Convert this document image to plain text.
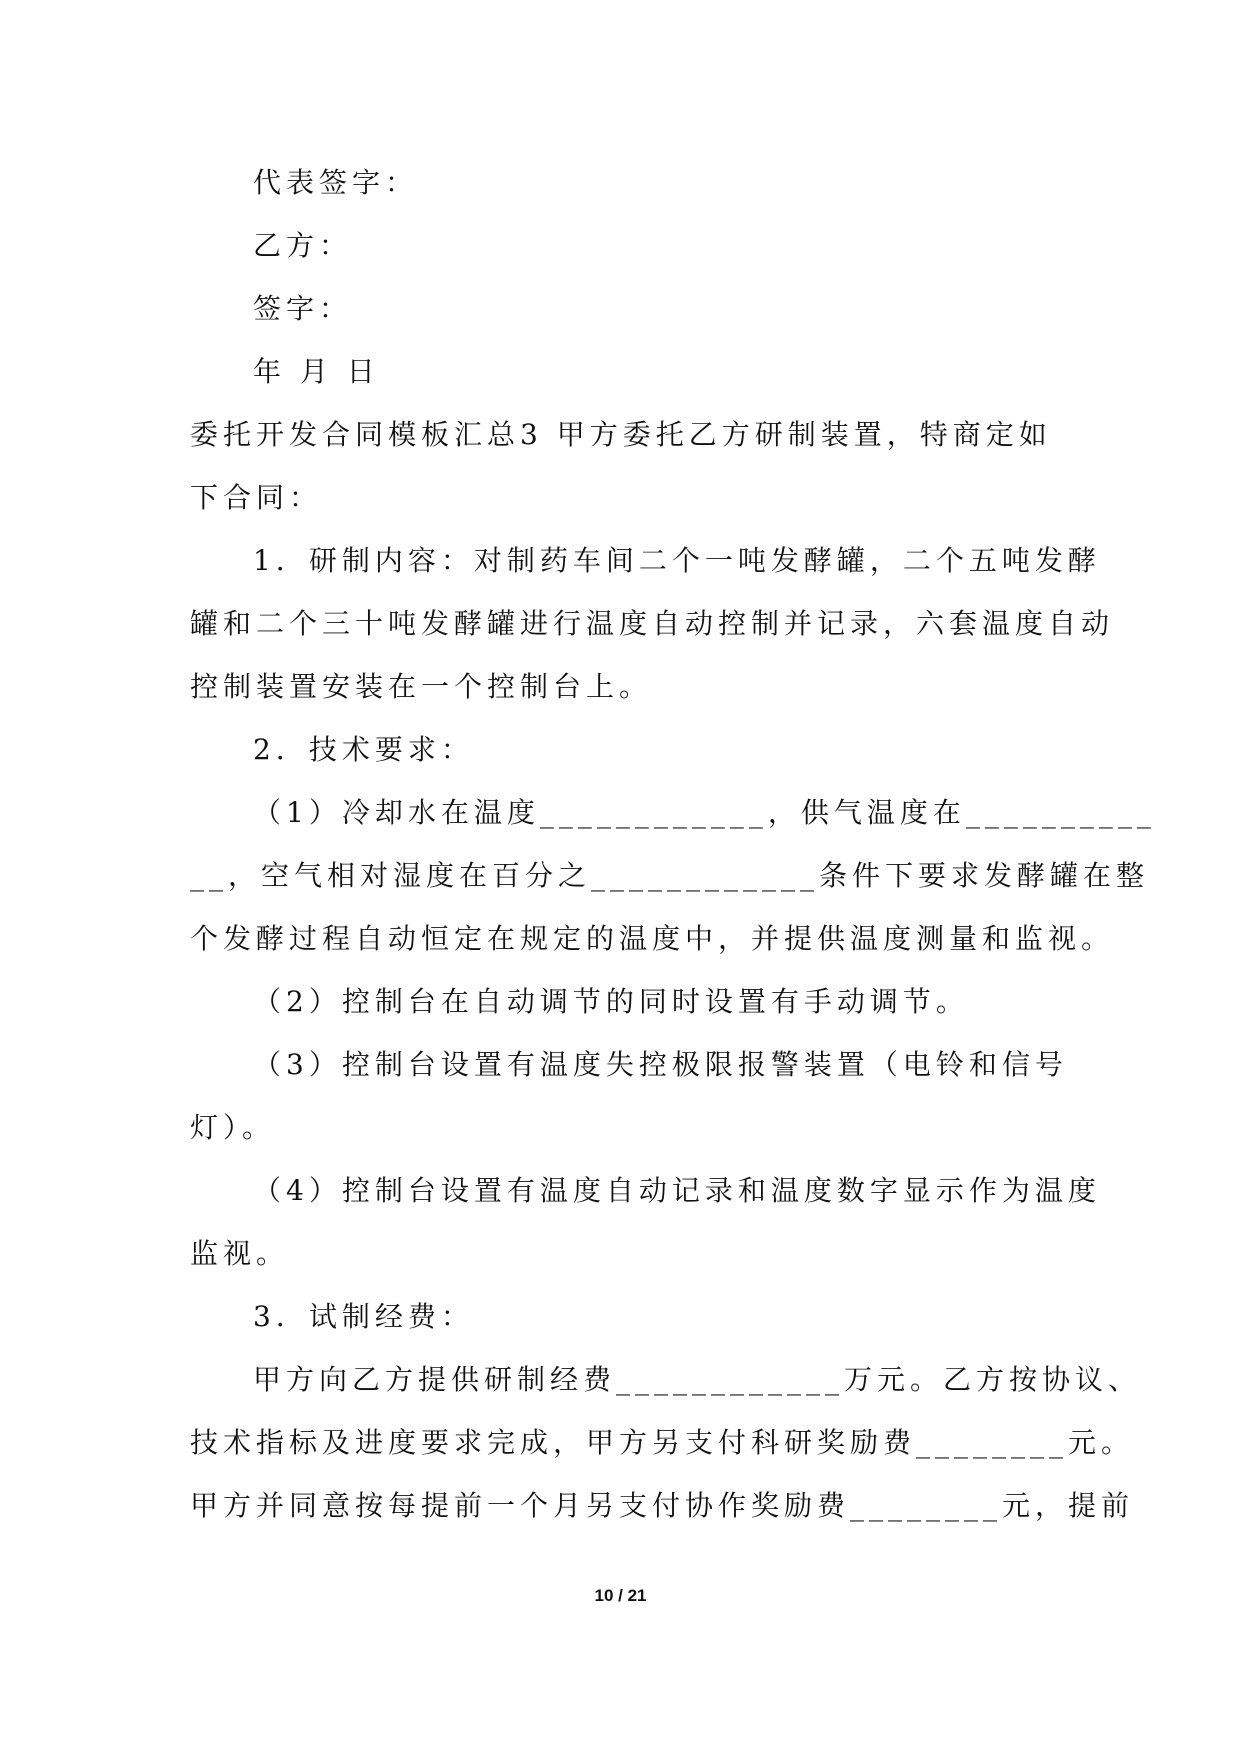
代表签字：
乙方：
签字：
年 月 日
委托开发合同模板汇总3 甲方委托乙方研制装置，特商定如
下合同：
1．研制内容：对制药车间二个一吨发酵罐，二个五吨发酵
罐和二个三十吨发酵罐进行温度自动控制并记录，六套温度自动
控制装置安装在一个控制台上。
2．技术要求：
（1）冷却水在温度____________，供气温度在__________
__，空气相对湿度在百分之____________条件下要求发酵罐在整
个发酵过程自动恒定在规定的温度中，并提供温度测量和监视。
（2）控制台在自动调节的同时设置有手动调节。
（3）控制台设置有温度失控极限报警装置（电铃和信号
灯）。
（4）控制台设置有温度自动记录和温度数字显示作为温度
监视。
3．试制经费：
甲方向乙方提供研制经费____________万元。乙方按协议、
技术指标及进度要求完成，甲方另支付科研奖励费________元。
甲方并同意按每提前一个月另支付协作奖励费________元，提前
10 / 21
